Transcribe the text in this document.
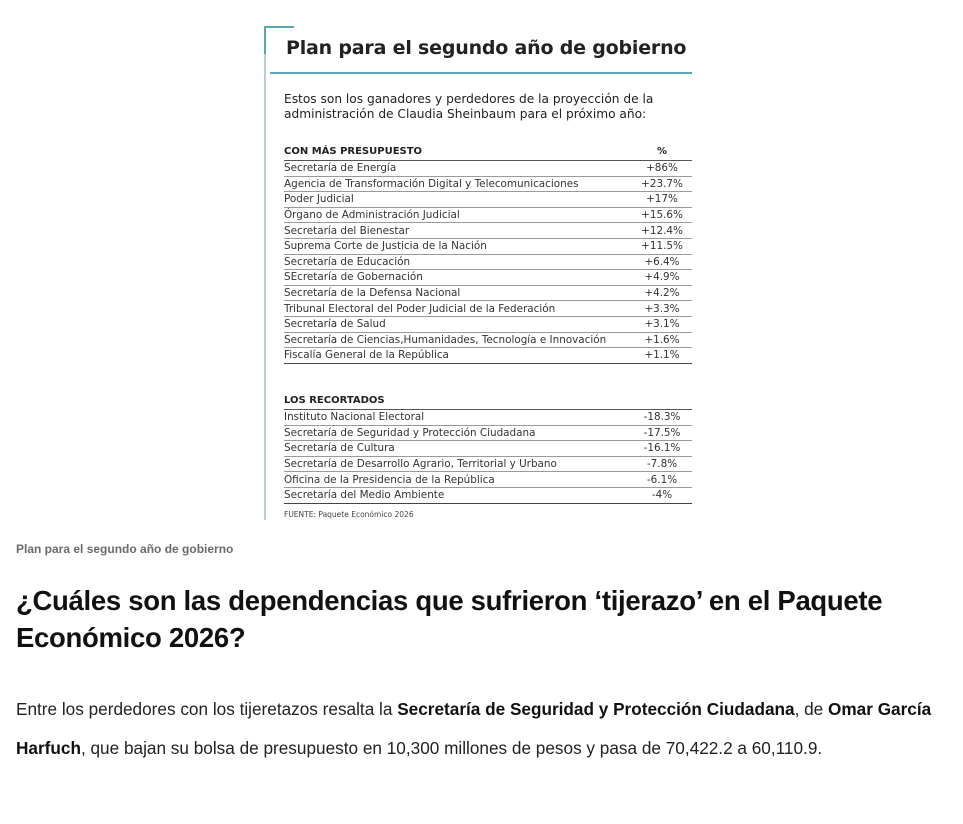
Plan para el segundo año de gobierno
Estos son los ganadores y perdedores de la proyección de la administración de Claudia Sheinbaum para el próximo año:
CON MÁS PRESUPUESTO	%
Secretaría de Energía	+86%
Agencia de Transformación Digital y Telecomunicaciones	+23.7%
Poder Judicial	+17%
Órgano de Administración Judicial	+15.6%
Secretaría del Bienestar	+12.4%
Suprema Corte de Justicia de la Nación	+11.5%
Secretaría de Educación	+6.4%
SEcretaría de Gobernación	+4.9%
Secretaría de la Defensa Nacional	+4.2%
Tribunal Electoral del Poder Judicial de la Federación	+3.3%
Secretaría de Salud	+3.1%
Secretaría de Ciencias,Humanidades, Tecnología e Innovación	+1.6%
Fiscalía General de la República	+1.1%
LOS RECORTADOS
Instituto Nacional Electoral	-18.3%
Secretaría de Seguridad y Protección Ciudadana	-17.5%
Secretaría de Cultura	-16.1%
Secretaría de Desarrollo Agrario, Territorial y Urbano	-7.8%
Oficina de la Presidencia de la República	-6.1%
Secretaría del Medio Ambiente	-4%
FUENTE: Paquete Económico 2026
Plan para el segundo año de gobierno
¿Cuáles son las dependencias que sufrieron ‘tijerazo’ en el Paquete Económico 2026?

Entre los perdedores con los tijeretazos resalta la Secretaría de Seguridad y Protección Ciudadana, de Omar García Harfuch, que bajan su bolsa de presupuesto en 10,300 millones de pesos y pasa de 70,422.2 a 60,110.9.
